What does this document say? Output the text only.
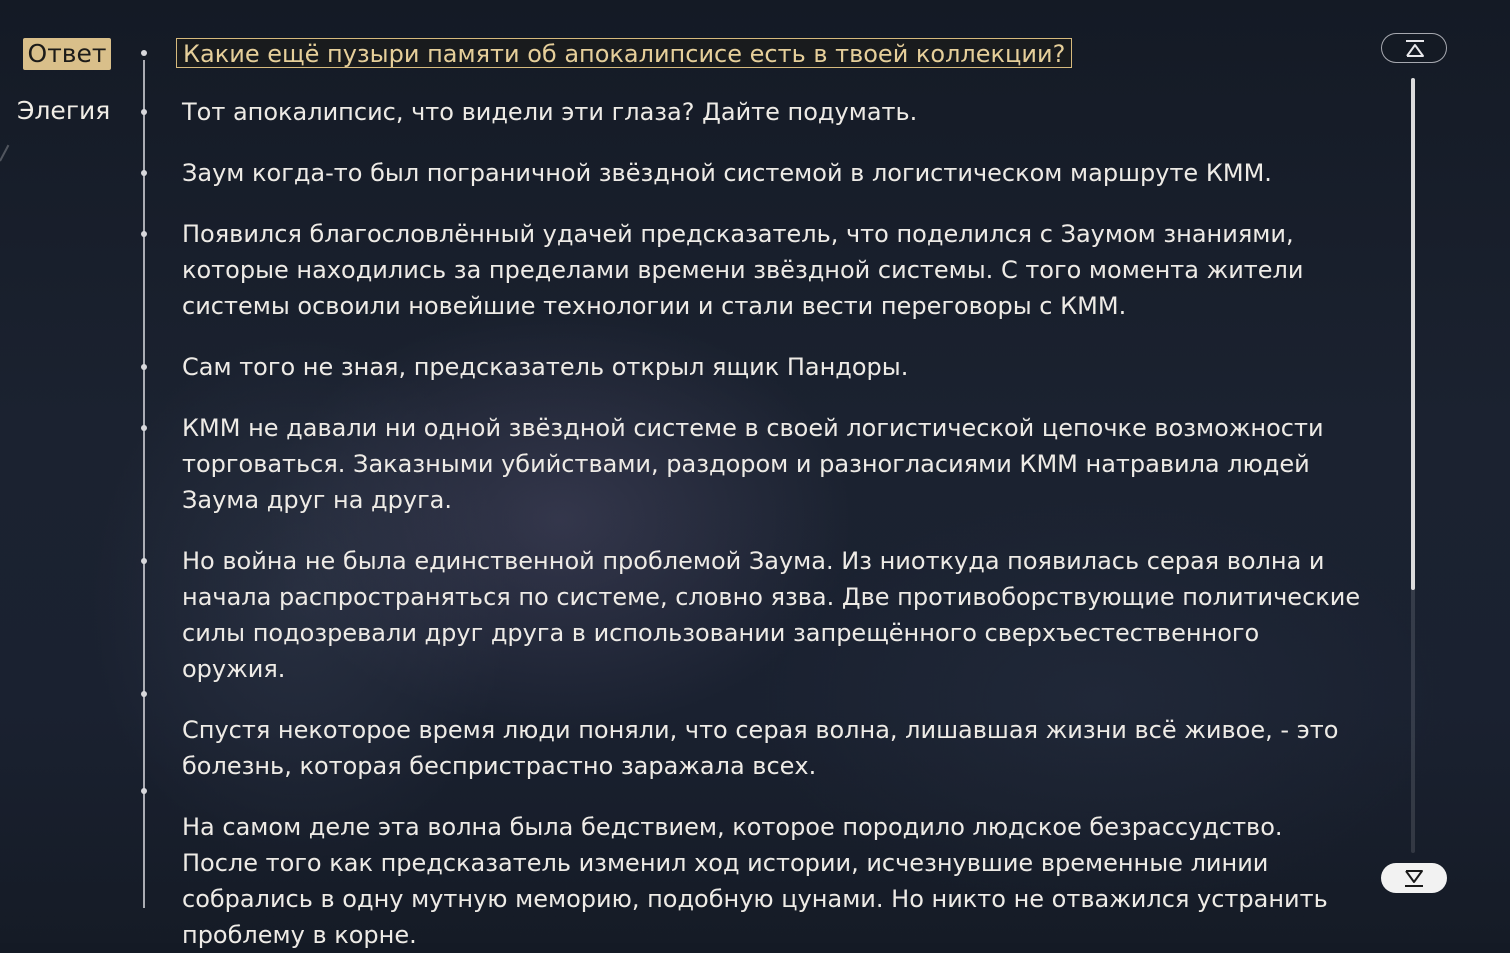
Ответ
Элегия
Какие ещё пузыри памяти об апокалипсисе есть в твоей коллекции?

Тот апокалипсис, что видели эти глаза? Дайте подумать.

Заум когда-то был пограничной звёздной системой в логистическом маршруте КММ.

Появился благословлённый удачей предсказатель, что поделился с Заумом знаниями, которые находились за пределами времени звёздной системы. С того момента жители системы освоили новейшие технологии и стали вести переговоры с КММ.

Сам того не зная, предсказатель открыл ящик Пандоры.

КММ не давали ни одной звёздной системе в своей логистической цепочке возможности торговаться. Заказными убийствами, раздором и разногласиями КММ натравила людей Заума друг на друга.

Но война не была единственной проблемой Заума. Из ниоткуда появилась серая волна и начала распространяться по системе, словно язва. Две противоборствующие политические силы подозревали друг друга в использовании запрещённого сверхъестественного оружия.

Спустя некоторое время люди поняли, что серая волна, лишавшая жизни всё живое, - это болезнь, которая беспристрастно заражала всех.

На самом деле эта волна была бедствием, которое породило людское безрассудство. После того как предсказатель изменил ход истории, исчезнувшие временные линии собрались в одну мутную меморию, подобную цунами. Но никто не отважился устранить проблему в корне.
